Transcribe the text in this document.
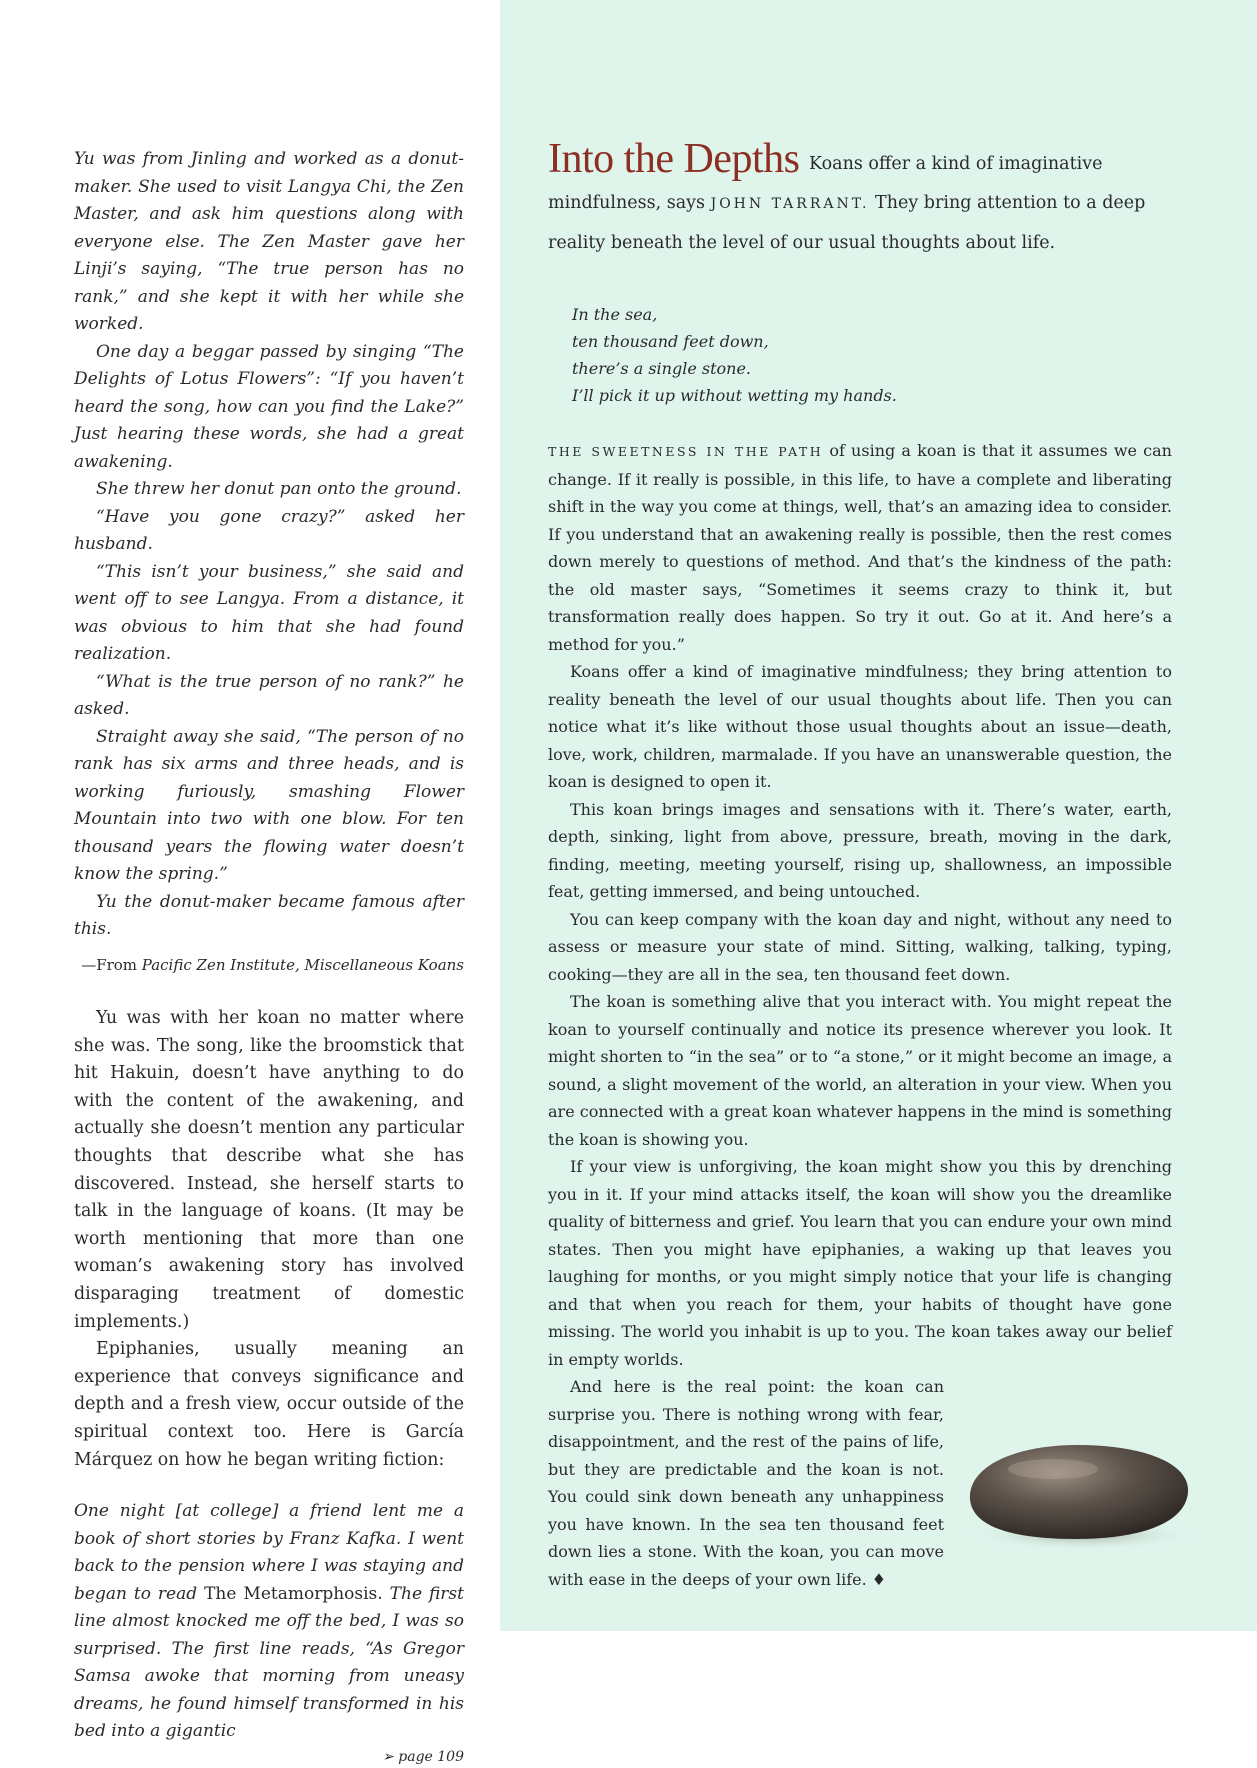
Yu was from Jinling and worked as a donut-maker. She used to visit Langya Chi, the Zen Master, and ask him questions along with everyone else. The Zen Master gave her Linji’s saying, “The true person has no rank,” and she kept it with her while she worked.

One day a beggar passed by singing “The Delights of Lotus Flowers”: “If you haven’t heard the song, how can you find the Lake?” Just hearing these words, she had a great awakening.

She threw her donut pan onto the ground.

“Have you gone crazy?” asked her husband.

“This isn’t your business,” she said and went off to see Langya. From a distance, it was obvious to him that she had found realization.

“What is the true person of no rank?” he asked.

Straight away she said, “The person of no rank has six arms and three heads, and is working furiously, smashing Flower Mountain into two with one blow. For ten thousand years the flowing water doesn’t know the spring.”

Yu the donut-maker became famous after this.

—From Pacific Zen Institute, Miscellaneous Koans

Yu was with her koan no matter where she was. The song, like the broomstick that hit Hakuin, doesn’t have anything to do with the content of the awakening, and actually she doesn’t mention any particular thoughts that describe what she has discovered. Instead, she herself starts to talk in the language of koans. (It may be worth mentioning that more than one woman’s awakening story has involved disparaging treatment of domestic implements.)

Epiphanies, usually meaning an experience that conveys significance and depth and a fresh view, occur outside of the spiritual context too. Here is García Márquez on how he began writing fiction:

One night [at college] a friend lent me a book of short stories by Franz Kafka. I went back to the pension where I was staying and began to read The Metamorphosis. The first line almost knocked me off the bed, I was so surprised. The first line reads, “As Gregor Samsa awoke that morning from uneasy dreams, he found himself transformed in his bed into a gigantic

➢ page 109

Into the Depths Koans offer a kind of imaginative mindfulness, says JOHN TARRANT. They bring attention to a deep reality beneath the level of our usual thoughts about life.

In the sea,
ten thousand feet down,
there’s a single stone.
I’ll pick it up without wetting my hands.

THE SWEETNESS IN THE PATH of using a koan is that it assumes we can change. If it really is possible, in this life, to have a complete and liberating shift in the way you come at things, well, that’s an amazing idea to consider. If you understand that an awakening really is possible, then the rest comes down merely to questions of method. And that’s the kindness of the path: the old master says, “Sometimes it seems crazy to think it, but transformation really does happen. So try it out. Go at it. And here’s a method for you.”

Koans offer a kind of imaginative mindfulness; they bring attention to reality beneath the level of our usual thoughts about life. Then you can notice what it’s like without those usual thoughts about an issue—death, love, work, children, marmalade. If you have an unanswerable question, the koan is designed to open it.

This koan brings images and sensations with it. There’s water, earth, depth, sinking, light from above, pressure, breath, moving in the dark, finding, meeting, meeting yourself, rising up, shallowness, an impossible feat, getting immersed, and being untouched.

You can keep company with the koan day and night, without any need to assess or measure your state of mind. Sitting, walking, talking, typing, cooking—they are all in the sea, ten thousand feet down.

The koan is something alive that you interact with. You might repeat the koan to yourself continually and notice its presence wherever you look. It might shorten to “in the sea” or to “a stone,” or it might become an image, a sound, a slight movement of the world, an alteration in your view. When you are connected with a great koan whatever happens in the mind is something the koan is showing you.

If your view is unforgiving, the koan might show you this by drenching you in it. If your mind attacks itself, the koan will show you the dreamlike quality of bitterness and grief. You learn that you can endure your own mind states. Then you might have epiphanies, a waking up that leaves you laughing for months, or you might simply notice that your life is changing and that when you reach for them, your habits of thought have gone missing. The world you inhabit is up to you. The koan takes away our belief in empty worlds.

And here is the real point: the koan can surprise you. There is nothing wrong with fear, disappointment, and the rest of the pains of life, but they are predictable and the koan is not. You could sink down beneath any unhappiness you have known. In the sea ten thousand feet down lies a stone. With the koan, you can move with ease in the deeps of your own life. ♦
